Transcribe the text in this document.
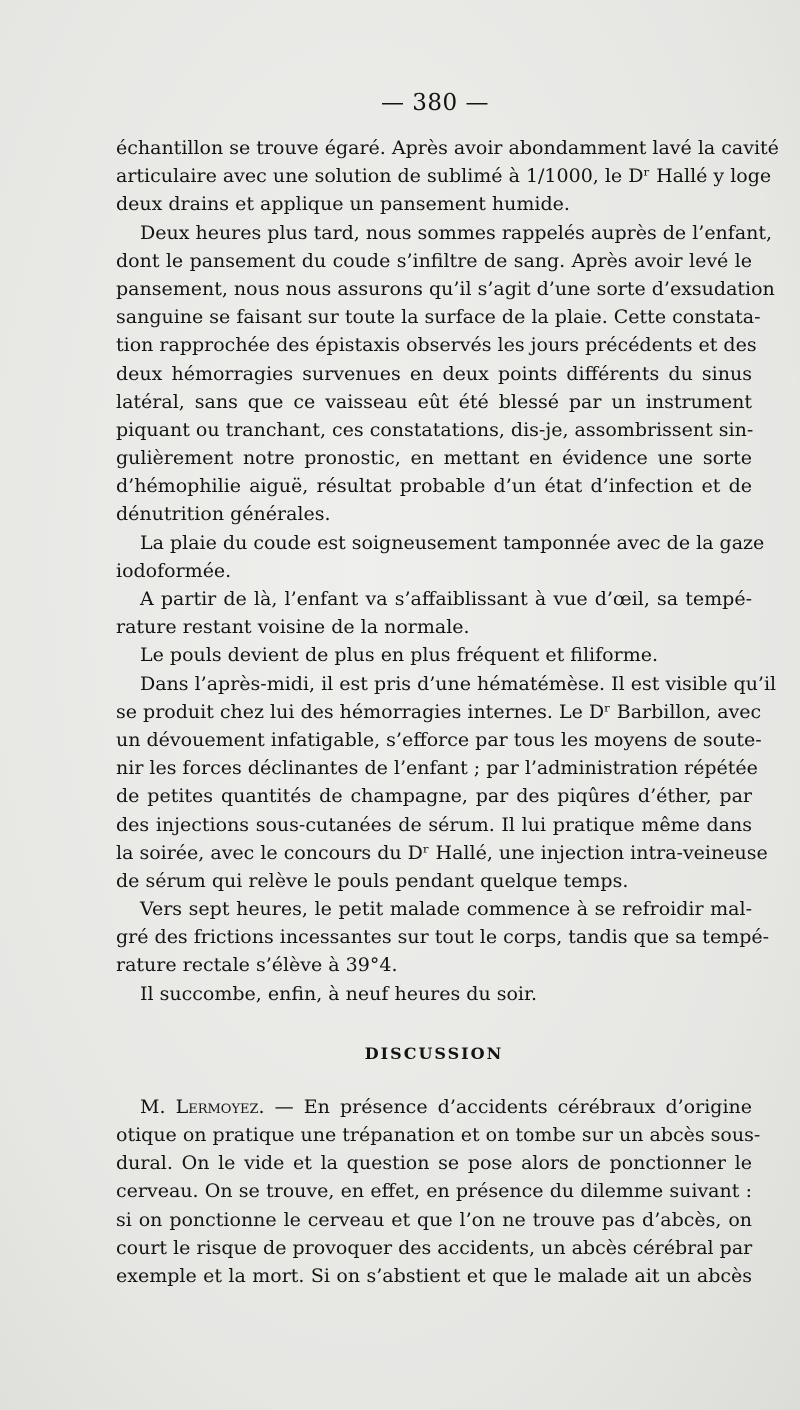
— 380 —
échantillon se trouve égaré. Après avoir abondamment lavé la cavité
articulaire avec une solution de sublimé à 1/1000, le Dʳ Hallé y loge
deux drains et applique un pansement humide.
Deux heures plus tard, nous sommes rappelés auprès de l’enfant,
dont le pansement du coude s’infiltre de sang. Après avoir levé le
pansement, nous nous assurons qu’il s’agit d’une sorte d’exsudation
sanguine se faisant sur toute la surface de la plaie. Cette constata-
tion rapprochée des épistaxis observés les jours précédents et des
deux hémorragies survenues en deux points différents du sinus
latéral, sans que ce vaisseau eût été blessé par un instrument
piquant ou tranchant, ces constatations, dis-je, assombrissent sin-
gulièrement notre pronostic, en mettant en évidence une sorte
d’hémophilie aiguë, résultat probable d’un état d’infection et de
dénutrition générales.
La plaie du coude est soigneusement tamponnée avec de la gaze
iodoformée.
A partir de là, l’enfant va s’affaiblissant à vue d’œil, sa tempé-
rature restant voisine de la normale.
Le pouls devient de plus en plus fréquent et filiforme.
Dans l’après-midi, il est pris d’une hématémèse. Il est visible qu’il
se produit chez lui des hémorragies internes. Le Dʳ Barbillon, avec
un dévouement infatigable, s’efforce par tous les moyens de soute-
nir les forces déclinantes de l’enfant ; par l’administration répétée
de petites quantités de champagne, par des piqûres d’éther, par
des injections sous-cutanées de sérum. Il lui pratique même dans
la soirée, avec le concours du Dʳ Hallé, une injection intra-veineuse
de sérum qui relève le pouls pendant quelque temps.
Vers sept heures, le petit malade commence à se refroidir mal-
gré des frictions incessantes sur tout le corps, tandis que sa tempé-
rature rectale s’élève à 39°4.
Il succombe, enfin, à neuf heures du soir.
DISCUSSION
M. Lermoyez. — En présence d’accidents cérébraux d’origine
otique on pratique une trépanation et on tombe sur un abcès sous-
dural. On le vide et la question se pose alors de ponctionner le
cerveau. On se trouve, en effet, en présence du dilemme suivant :
si on ponctionne le cerveau et que l’on ne trouve pas d’abcès, on
court le risque de provoquer des accidents, un abcès cérébral par
exemple et la mort. Si on s’abstient et que le malade ait un abcès
